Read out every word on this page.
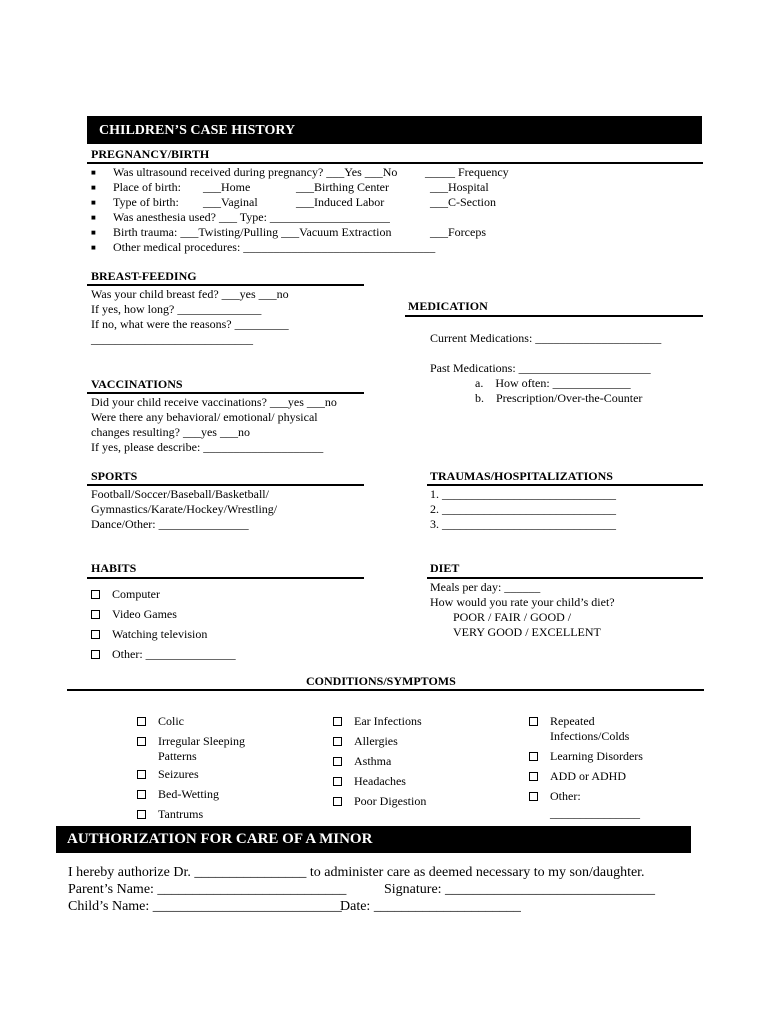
CHILDREN’S CASE HISTORY
PREGNANCY/BIRTH
■ Was ultrasound received during pregnancy? ___Yes ___No _____ Frequency
■ Place of birth: ___Home	___Birthing Center	___Hospital
■ Type of birth: ___Vaginal	___Induced Labor	___C-Section
■ Was anesthesia used? ___ Type: ____________________
■ Birth trauma: ___Twisting/Pulling ___Vacuum Extraction	___Forceps
■ Other medical procedures: ________________________________
BREAST-FEEDING
Was your child breast fed? ___yes ___no
If yes, how long? ______________
If no, what were the reasons? _________
___________________________
MEDICATION
Current Medications: _____________________
Past Medications: ______________________
a.    How often: _____________
b.    Prescription/Over-the-Counter
VACCINATIONS
Did your child receive vaccinations? ___yes ___no
Were there any behavioral/ emotional/ physical
changes resulting? ___yes ___no
If yes, please describe: ____________________
SPORTS
Football/Soccer/Baseball/Basketball/
Gymnastics/Karate/Hockey/Wrestling/
Dance/Other: _______________
TRAUMAS/HOSPITALIZATIONS
1. _____________________________
2. _____________________________
3. _____________________________
HABITS
Computer
Video Games
Watching television
Other: _______________
DIET
Meals per day: ______
How would you rate your child’s diet?
POOR / FAIR / GOOD /
VERY GOOD / EXCELLENT
CONDITIONS/SYMPTOMS
Colic
Irregular Sleeping
Patterns
Seizures
Bed-Wetting
Tantrums
Ear Infections
Allergies
Asthma
Headaches
Poor Digestion
Repeated
Infections/Colds
Learning Disorders
ADD or ADHD
Other:
_______________
AUTHORIZATION FOR CARE OF A MINOR
I hereby authorize Dr. ________________ to administer care as deemed necessary to my son/daughter.
Parent’s Name: ___________________________	Signature: ______________________________
Child’s Name: ___________________________
Date: _____________________
